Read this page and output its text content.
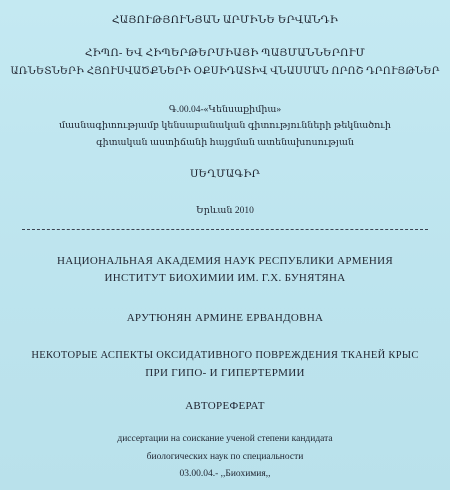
ՀԱՅՈՒԹՅՈՒՆՅԱՆ ԱՐՄԻՆԵ ԵՐՎԱՆԴԻ
ՀԻՊՈ- ԵՎ ՀԻՊԵՐԹԵՐՄԻԱՅԻ ՊԱՅՄԱՆՆԵՐՈՒՄ
ԱՌՆԵՏՆԵՐԻ ՀՅՈՒՍՎԱԾՔՆԵՐԻ ՕՔՍԻԴԱՏԻՎ ՎՆԱՍՄԱՆ ՈՐՈՇ ԴՐՈՒՅԹՆԵՐ
Գ.00.04-«Կենսաքիմիա»
մասնագիտությամբ կենսաբանական գիտությունների թեկնածուի
գիտական աստիճանի հայցման ատենախոսության
ՍԵՂՄԱԳԻՐ
Երևան 2010
НАЦИОНАЛЬНАЯ АКАДЕМИЯ НАУК РЕСПУБЛИКИ АРМЕНИЯ
ИНСТИТУТ БИОХИМИИ ИМ. Г.Х. БУНЯТЯНА
АРУТЮНЯН АРМИНЕ ЕРВАНДОВНА
НЕКОТОРЫЕ АСПЕКТЫ ОКСИДАТИВНОГО ПОВРЕЖДЕНИЯ ТКАНЕЙ КРЫС
ПРИ ГИПО- И ГИПЕРТЕРМИИ
АВТОРЕФЕРАТ
диссертации на соискание ученой степени кандидата
биологических наук по специальности
03.00.04.- ,,Биохимия,,
